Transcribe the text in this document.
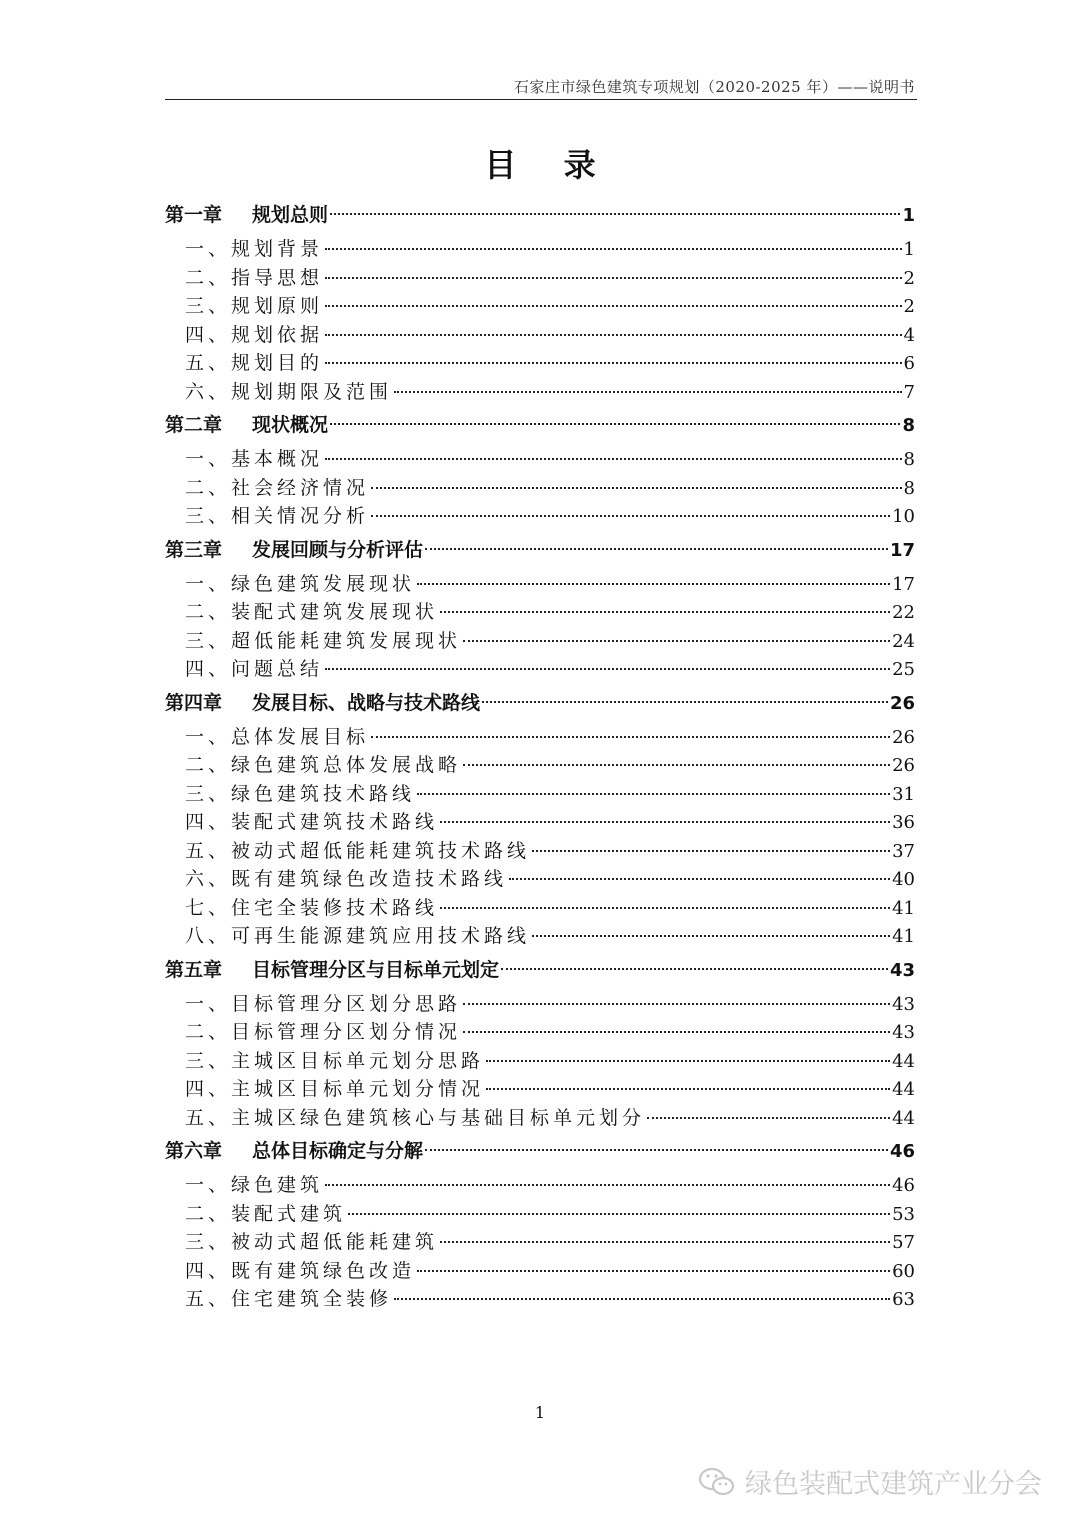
石家庄市绿色建筑专项规划（2020-2025 年）——说明书
目 录
第一章	规划总则	1
一、 规划背景	1
二、 指导思想	2
三、 规划原则	2
四、 规划依据	4
五、 规划目的	6
六、 规划期限及范围	7
第二章	现状概况	8
一、 基本概况	8
二、 社会经济情况	8
三、 相关情况分析	10
第三章	发展回顾与分析评估	17
一、 绿色建筑发展现状	17
二、 装配式建筑发展现状	22
三、 超低能耗建筑发展现状	24
四、 问题总结	25
第四章	发展目标、战略与技术路线	26
一、 总体发展目标	26
二、 绿色建筑总体发展战略	26
三、 绿色建筑技术路线	31
四、 装配式建筑技术路线	36
五、 被动式超低能耗建筑技术路线	37
六、 既有建筑绿色改造技术路线	40
七、 住宅全装修技术路线	41
八、 可再生能源建筑应用技术路线	41
第五章	目标管理分区与目标单元划定	43
一、 目标管理分区划分思路	43
二、 目标管理分区划分情况	43
三、 主城区目标单元划分思路	44
四、 主城区目标单元划分情况	44
五、 主城区绿色建筑核心与基础目标单元划分	44
第六章	总体目标确定与分解	46
一、 绿色建筑	46
二、 装配式建筑	53
三、 被动式超低能耗建筑	57
四、 既有建筑绿色改造	60
五、 住宅建筑全装修	63
1
绿色装配式建筑产业分会
